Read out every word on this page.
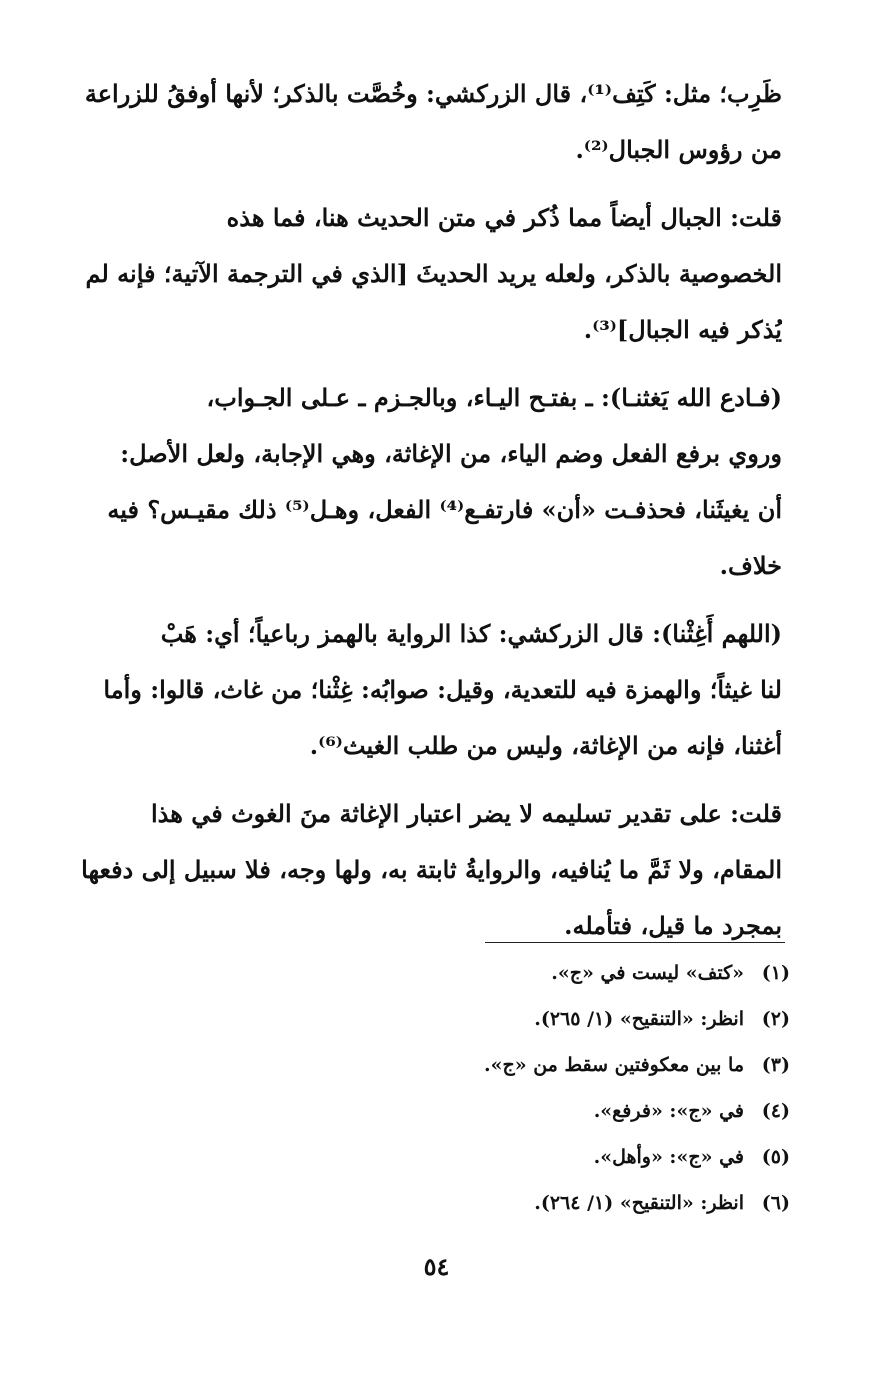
ظَرِب؛ مثل: كَتِف⁽¹⁾، قال الزركشي: وخُصَّت بالذكر؛ لأنها أوفقُ للزراعة
من رؤوس الجبال⁽²⁾.

قلت: الجبال أيضاً مما ذُكر في متن الحديث هنا، فما هذه
الخصوصية بالذكر، ولعله يريد الحديثَ [الذي في الترجمة الآتية؛ فإنه لم
يُذكر فيه الجبال]⁽³⁾.

(فـادع الله يَغثنـا): ـ بفتـح اليـاء، وبالجـزم ـ عـلى الجـواب،
وروي برفع الفعل وضم الياء، من الإغاثة، وهي الإجابة، ولعل الأصل:
أن يغيثَنا، فحذفـت «أن» فارتفـع⁽⁴⁾ الفعل، وهـل⁽⁵⁾ ذلك مقيـس؟ فيه
خلاف.

(اللهم أَغِثْنا): قال الزركشي: كذا الرواية بالهمز رباعياً؛ أي: هَبْ
لنا غيثاً؛ والهمزة فيه للتعدية، وقيل: صوابُه: غِثْنا؛ من غاث، قالوا: وأما
أغثنا، فإنه من الإغاثة، وليس من طلب الغيث⁽⁶⁾.

قلت: على تقدير تسليمه لا يضر اعتبار الإغاثة منَ الغوث في هذا
المقام، ولا ثَمَّ ما يُنافيه، والروايةُ ثابتة به، ولها وجه، فلا سبيل إلى دفعها
بمجرد ما قيل، فتأمله.

(١)
«كتف» ليست في «ج».
(٢)
انظر: «التنقيح» (١/ ٢٦٥).
(٣)
ما بين معكوفتين سقط من «ج».
(٤)
في «ج»: «فرفع».
(٥)
في «ج»: «وأهل».
(٦)
انظر: «التنقيح» (١/ ٢٦٤).
٥٤
